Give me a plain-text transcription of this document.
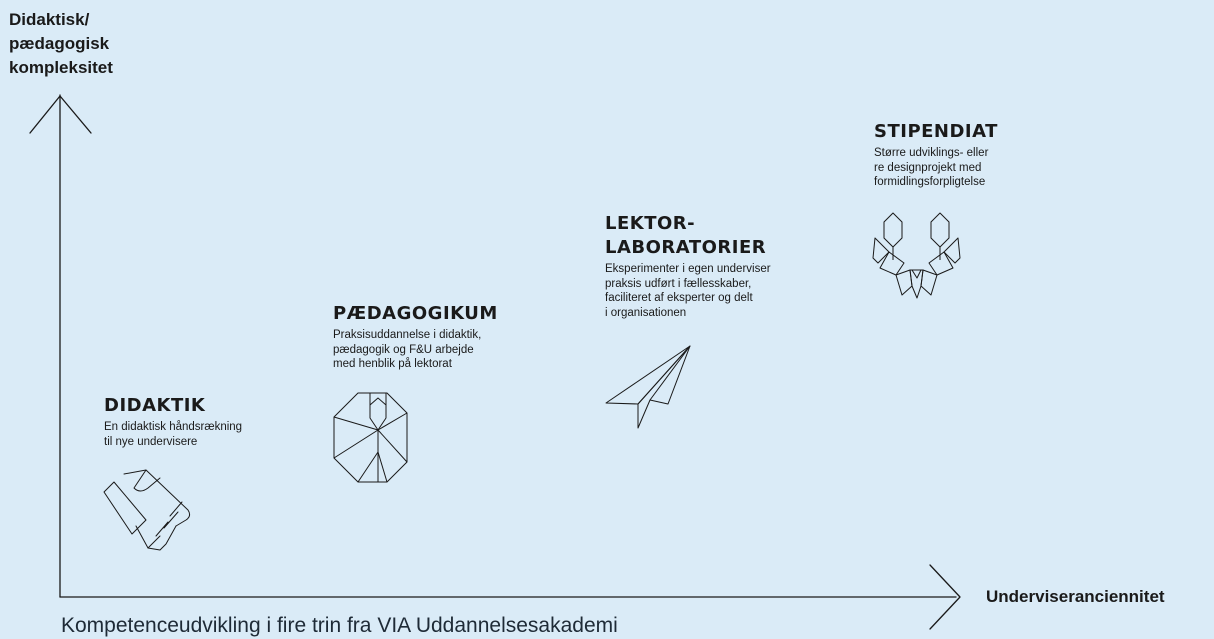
Didaktisk/
pædagogisk
kompleksitet
Underviseranciennitet
Kompetenceudvikling i fire trin fra VIA Uddannelsesakademi
DIDAKTIK
En didaktisk håndsrækning
til nye undervisere
PÆDAGOGIKUM
Praksisuddannelse i didaktik,
pædagogik og F&U arbejde
med henblik på lektorat
LEKTOR-
LABORATORIER
Eksperimenter i egen underviser
praksis udført i fællesskaber,
faciliteret af eksperter og delt
i organisationen
STIPENDIAT
Større udviklings- eller
re designprojekt med
formidlingsforpligtelse
